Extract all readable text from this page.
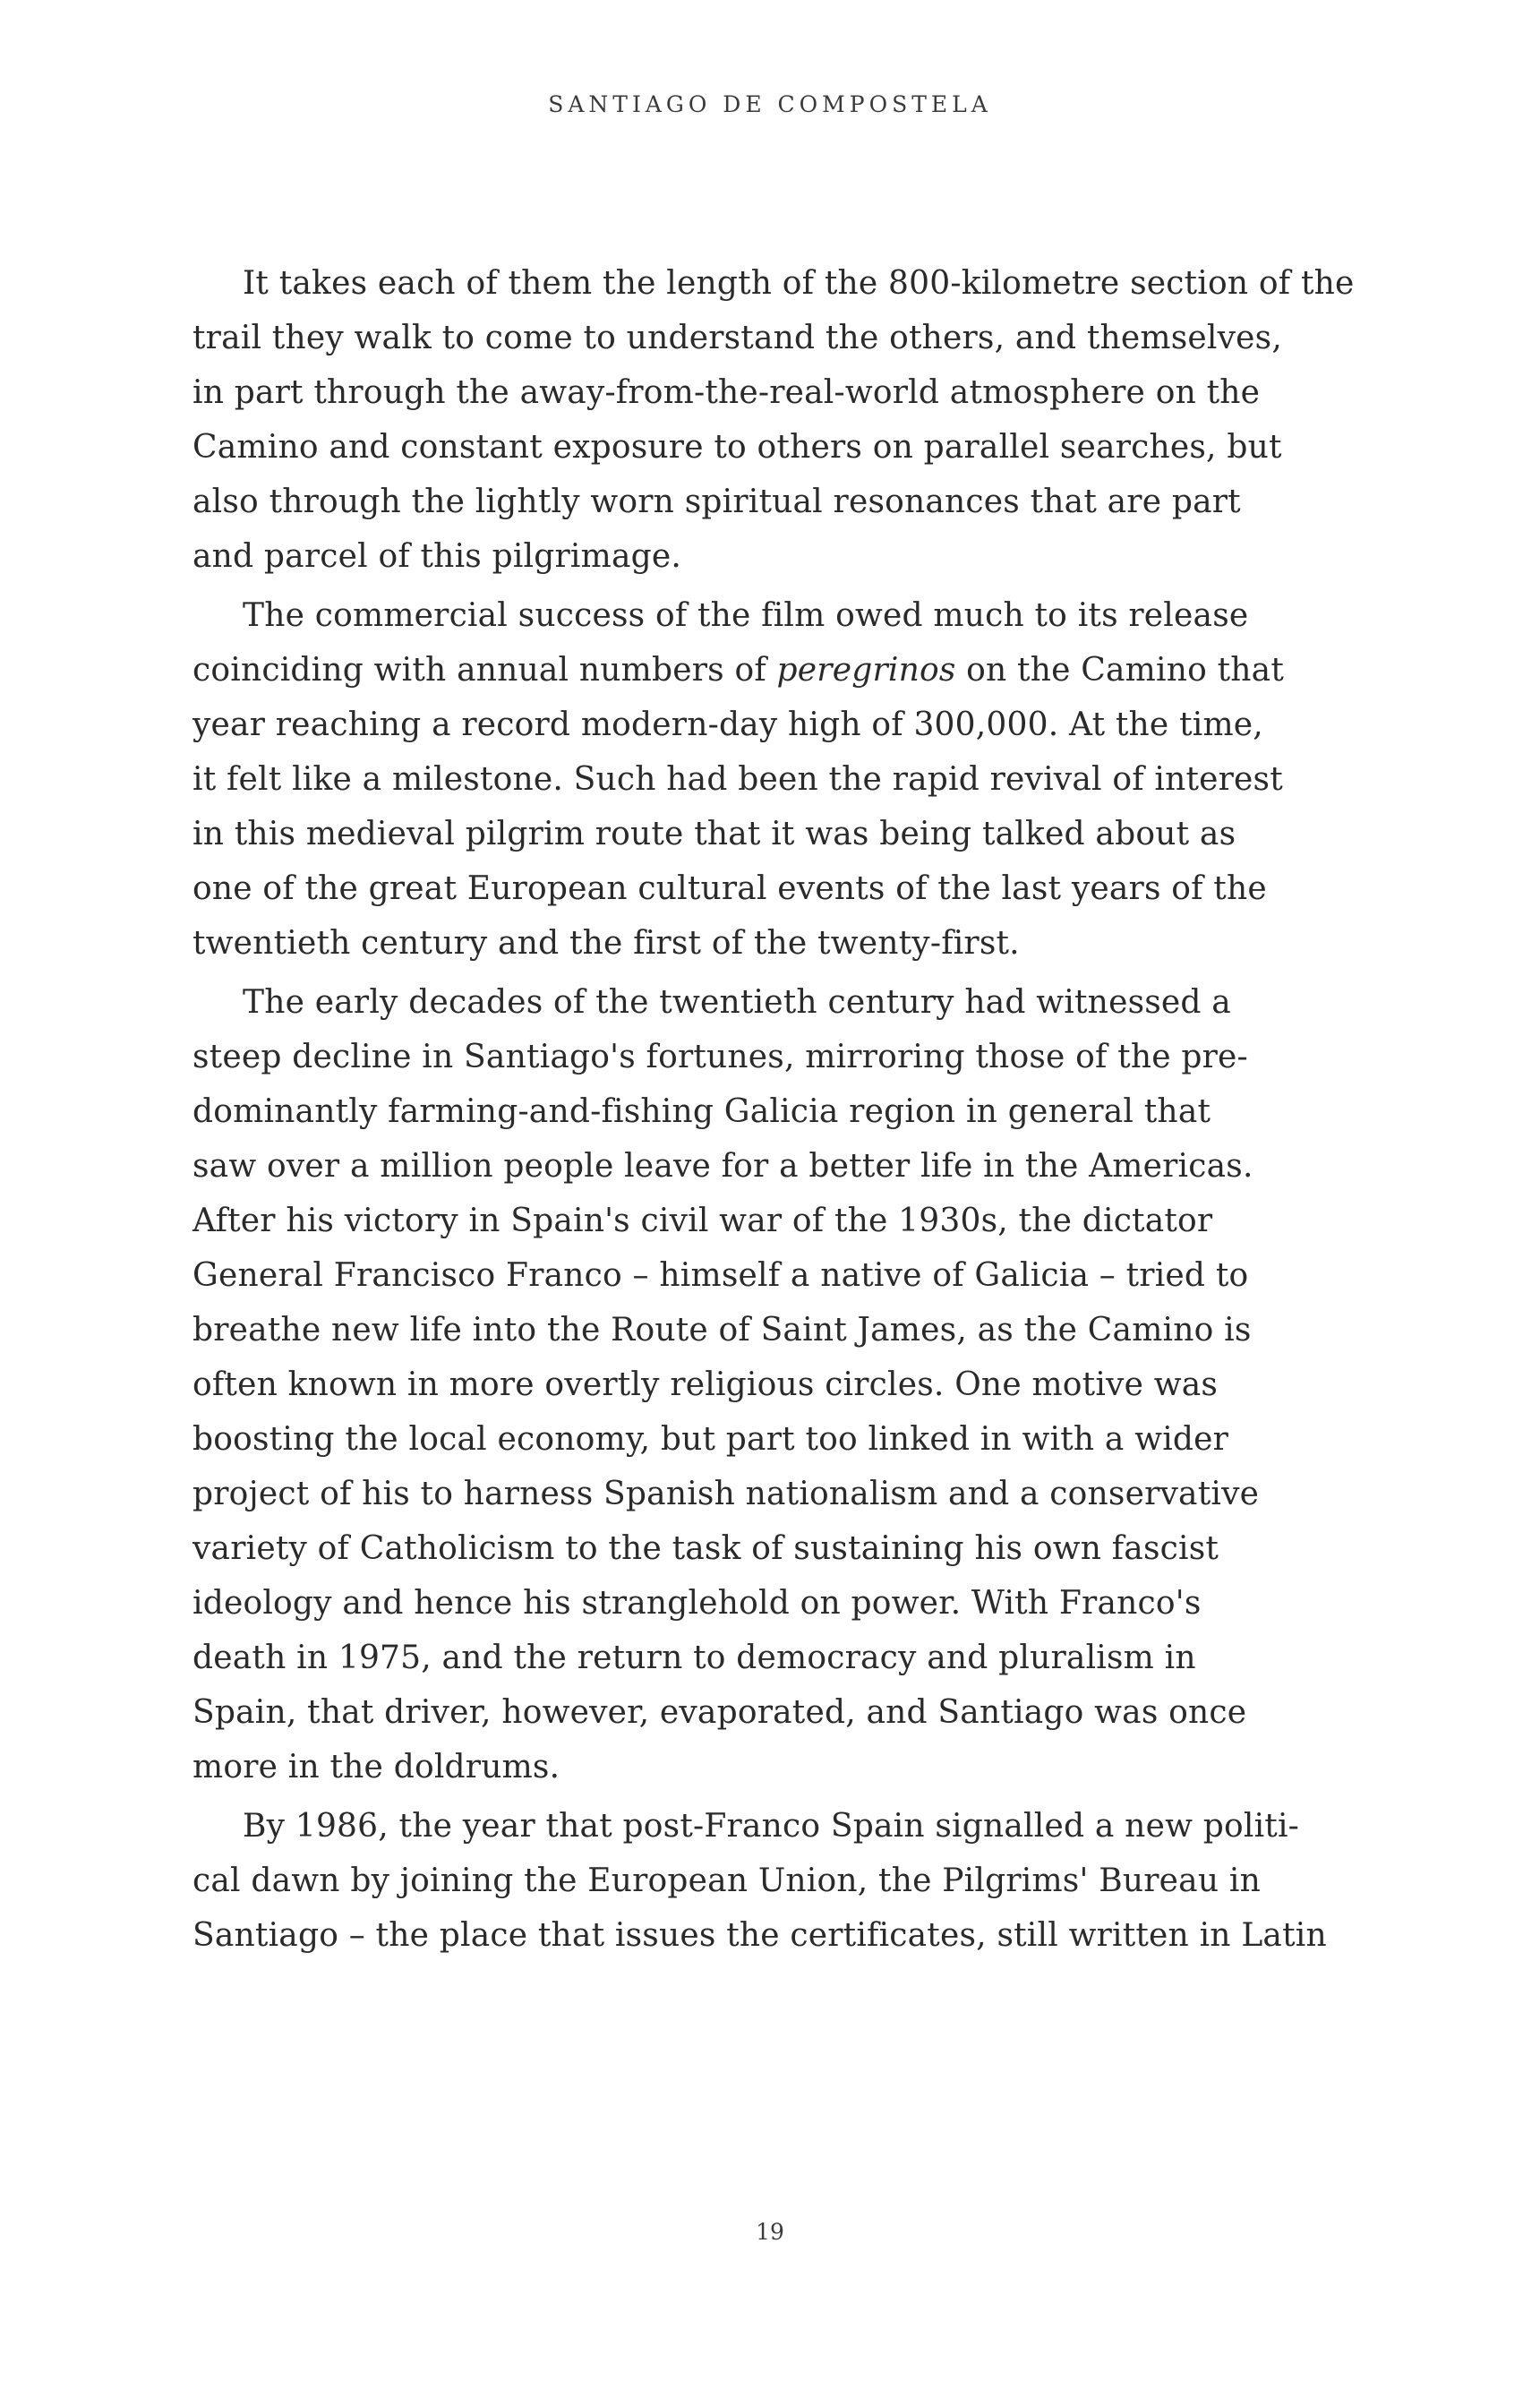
SANTIAGO DE COMPOSTELA

It takes each of them the length of the 800-kilometre section of the
trail they walk to come to understand the others, and themselves,
in part through the away-from-the-real-world atmosphere on the
Camino and constant exposure to others on parallel searches, but
also through the lightly worn spiritual resonances that are part
and parcel of this pilgrimage.

The commercial success of the film owed much to its release
coinciding with annual numbers of peregrinos on the Camino that
year reaching a record modern-day high of 300,000. At the time,
it felt like a milestone. Such had been the rapid revival of interest
in this medieval pilgrim route that it was being talked about as
one of the great European cultural events of the last years of the
twentieth century and the first of the twenty-first.

The early decades of the twentieth century had witnessed a
steep decline in Santiago's fortunes, mirroring those of the pre-
dominantly farming-and-fishing Galicia region in general that
saw over a million people leave for a better life in the Americas.
After his victory in Spain's civil war of the 1930s, the dictator
General Francisco Franco – himself a native of Galicia – tried to
breathe new life into the Route of Saint James, as the Camino is
often known in more overtly religious circles. One motive was
boosting the local economy, but part too linked in with a wider
project of his to harness Spanish nationalism and a conservative
variety of Catholicism to the task of sustaining his own fascist
ideology and hence his stranglehold on power. With Franco's
death in 1975, and the return to democracy and pluralism in
Spain, that driver, however, evaporated, and Santiago was once
more in the doldrums.

By 1986, the year that post-Franco Spain signalled a new politi-
cal dawn by joining the European Union, the Pilgrims' Bureau in
Santiago – the place that issues the certificates, still written in Latin

19
